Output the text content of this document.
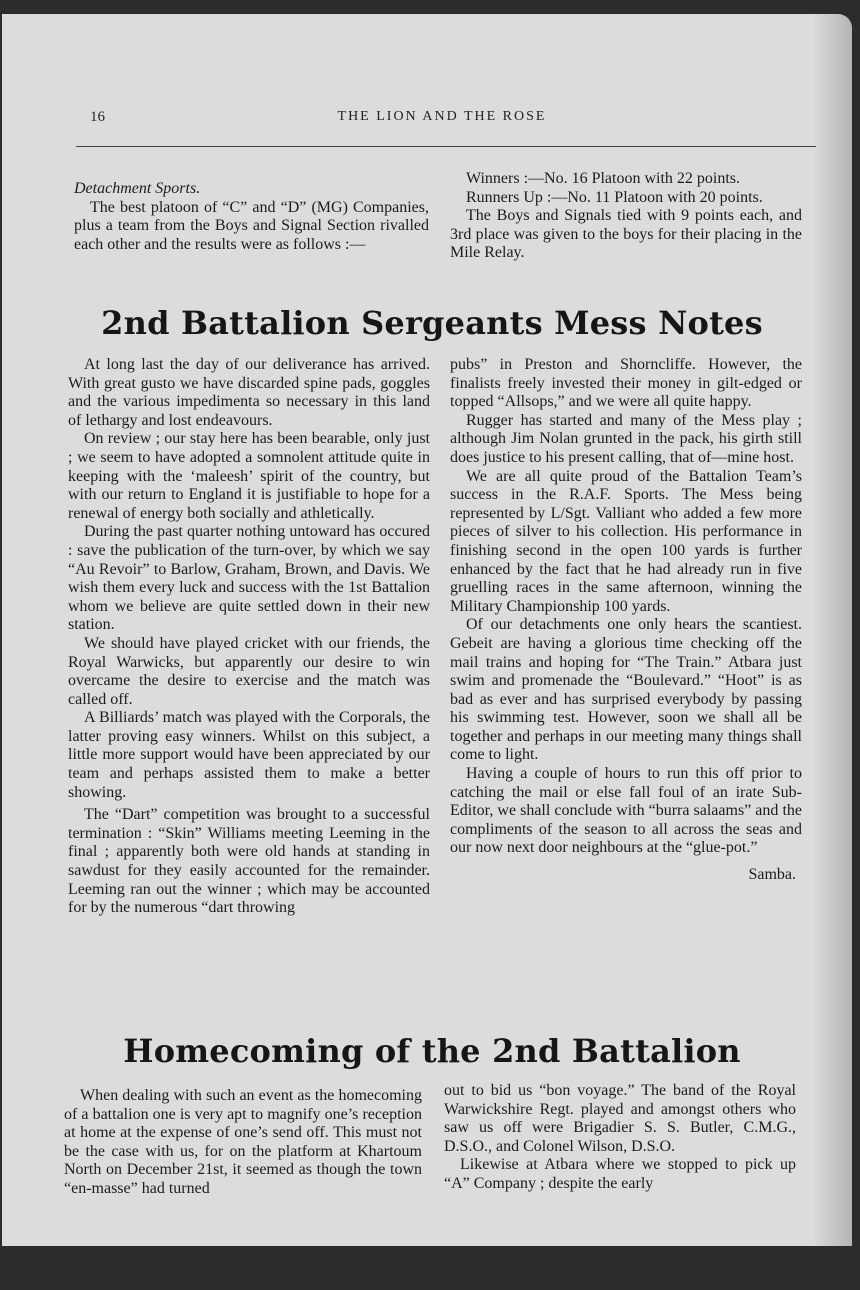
16	THE LION AND THE ROSE

Detachment Sports.

The best platoon of “C” and “D” (MG) Companies, plus a team from the Boys and Signal Section rivalled each other and the results were as follows :—

Winners :—No. 16 Platoon with 22 points.

Runners Up :—No. 11 Platoon with 20 points.

The Boys and Signals tied with 9 points each, and 3rd place was given to the boys for their placing in the Mile Relay.

2nd Battalion Sergeants Mess Notes

At long last the day of our deliverance has arrived. With great gusto we have discarded spine pads, goggles and the various impedimenta so necessary in this land of lethargy and lost endeavours.

On review ; our stay here has been bearable, only just ; we seem to have adopted a somnolent attitude quite in keeping with the ‘maleesh’ spirit of the country, but with our return to England it is justifiable to hope for a renewal of energy both socially and athletically.

During the past quarter nothing untoward has occured : save the publication of the turn-over, by which we say “Au Revoir” to Barlow, Graham, Brown, and Davis. We wish them every luck and success with the 1st Battalion whom we believe are quite settled down in their new station.

We should have played cricket with our friends, the Royal Warwicks, but apparently our desire to win overcame the desire to exercise and the match was called off.

A Billiards’ match was played with the Corporals, the latter proving easy winners. Whilst on this subject, a little more support would have been appreciated by our team and perhaps assisted them to make a better showing.

The “Dart” competition was brought to a successful termination : “Skin” Williams meeting Leeming in the final ; apparently both were old hands at standing in sawdust for they easily accounted for the remainder. Leeming ran out the winner ; which may be accounted for by the numerous “dart throwing

pubs” in Preston and Shorncliffe. However, the finalists freely invested their money in gilt-edged or topped “Allsops,” and we were all quite happy.

Rugger has started and many of the Mess play ; although Jim Nolan grunted in the pack, his girth still does justice to his present calling, that of—mine host.

We are all quite proud of the Battalion Team’s success in the R.A.F. Sports. The Mess being represented by L/Sgt. Valliant who added a few more pieces of silver to his collection. His performance in finishing second in the open 100 yards is further enhanced by the fact that he had already run in five gruelling races in the same afternoon, winning the Military Championship 100 yards.

Of our detachments one only hears the scantiest. Gebeit are having a glorious time checking off the mail trains and hoping for “The Train.” Atbara just swim and promenade the “Boulevard.” “Hoot” is as bad as ever and has surprised everybody by passing his swimming test. However, soon we shall all be together and perhaps in our meeting many things shall come to light.

Having a couple of hours to run this off prior to catching the mail or else fall foul of an irate Sub-Editor, we shall conclude with “burra salaams” and the compliments of the season to all across the seas and our now next door neighbours at the “glue-pot.”

Samba.

Homecoming of the 2nd Battalion

When dealing with such an event as the homecoming of a battalion one is very apt to magnify one’s reception at home at the expense of one’s send off. This must not be the case with us, for on the platform at Khartoum North on December 21st, it seemed as though the town “en-masse” had turned

out to bid us “bon voyage.” The band of the Royal Warwickshire Regt. played and amongst others who saw us off were Brigadier S. S. Butler, C.M.G., D.S.O., and Colonel Wilson, D.S.O.

Likewise at Atbara where we stopped to pick up “A” Company ; despite the early
